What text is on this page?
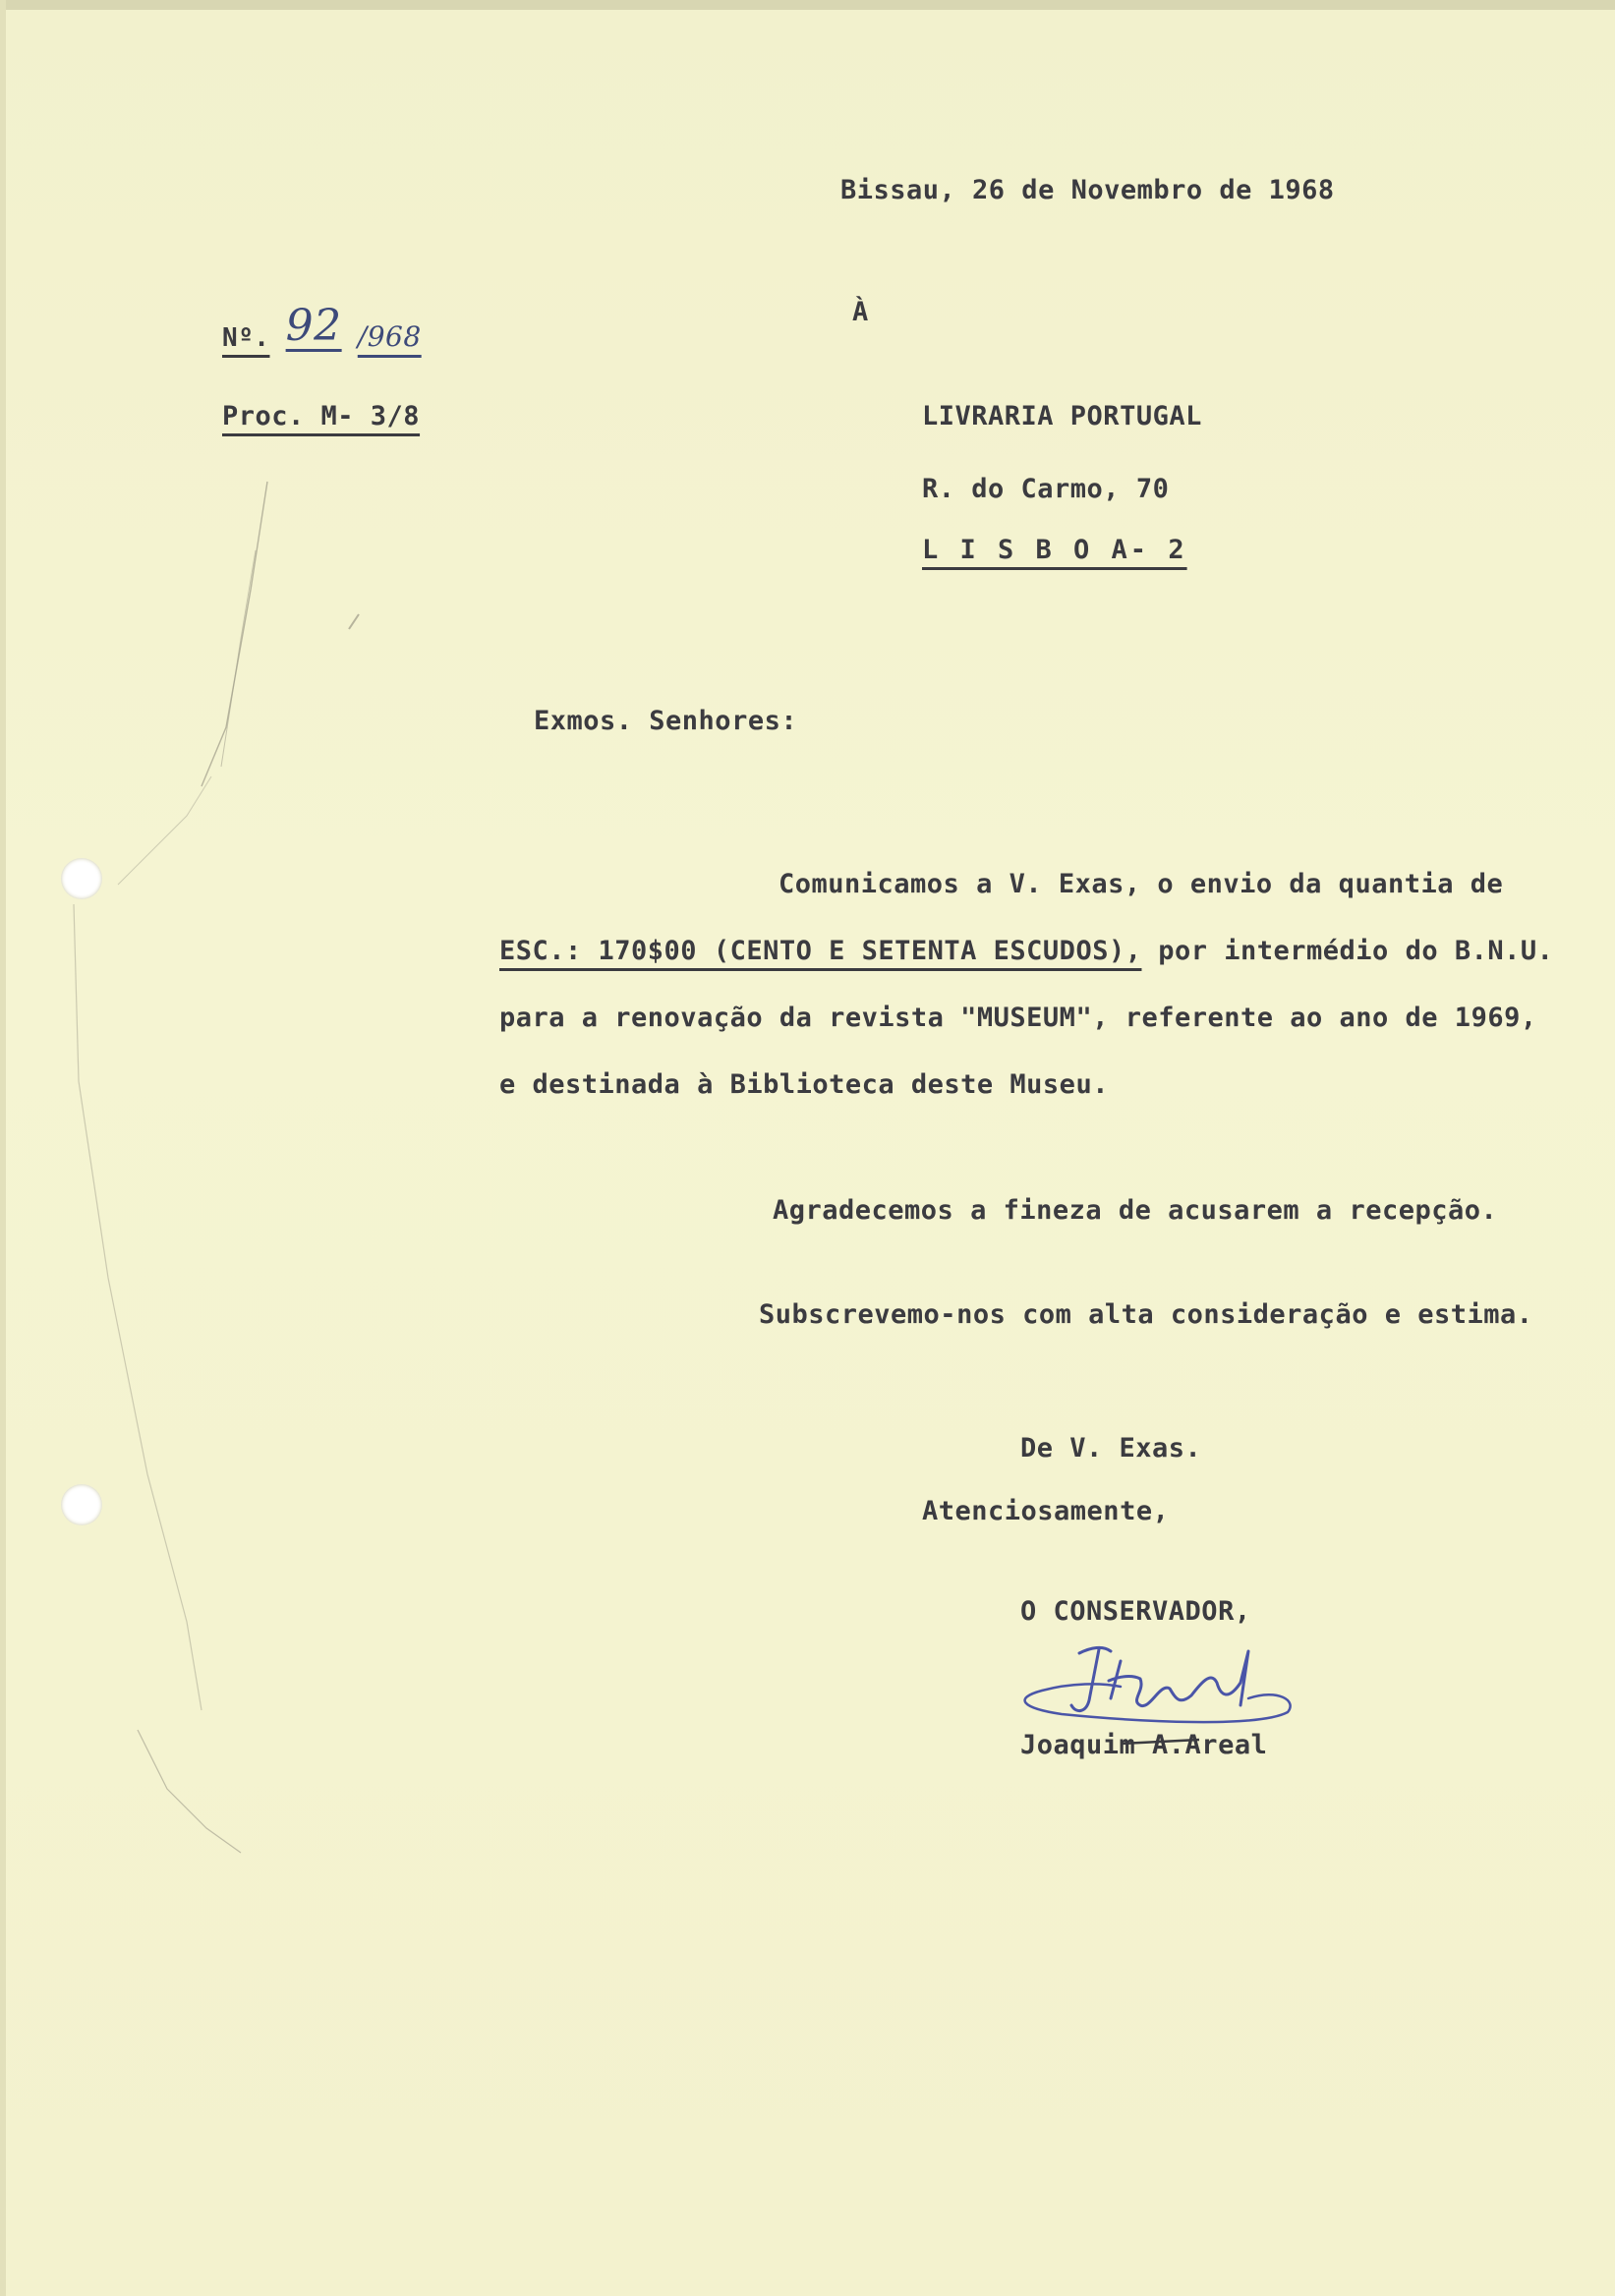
Bissau, 26 de Novembro de 1968
Nº. 92 /968
Proc. M- 3/8
À
LIVRARIA PORTUGAL
R. do Carmo, 70
L I S B O A- 2
Exmos. Senhores:
Comunicamos a V. Exas, o envio da quantia de
ESC.: 170$00 (CENTO E SETENTA ESCUDOS), por intermédio do B.N.U.
para a renovação da revista "MUSEUM", referente ao ano de 1969,
e destinada à Biblioteca deste Museu.
Agradecemos a fineza de acusarem a recepção.
Subscrevemo-nos com alta consideração e estima.
De V. Exas.
Atenciosamente,
O CONSERVADOR,
Joaquim A.Areal
